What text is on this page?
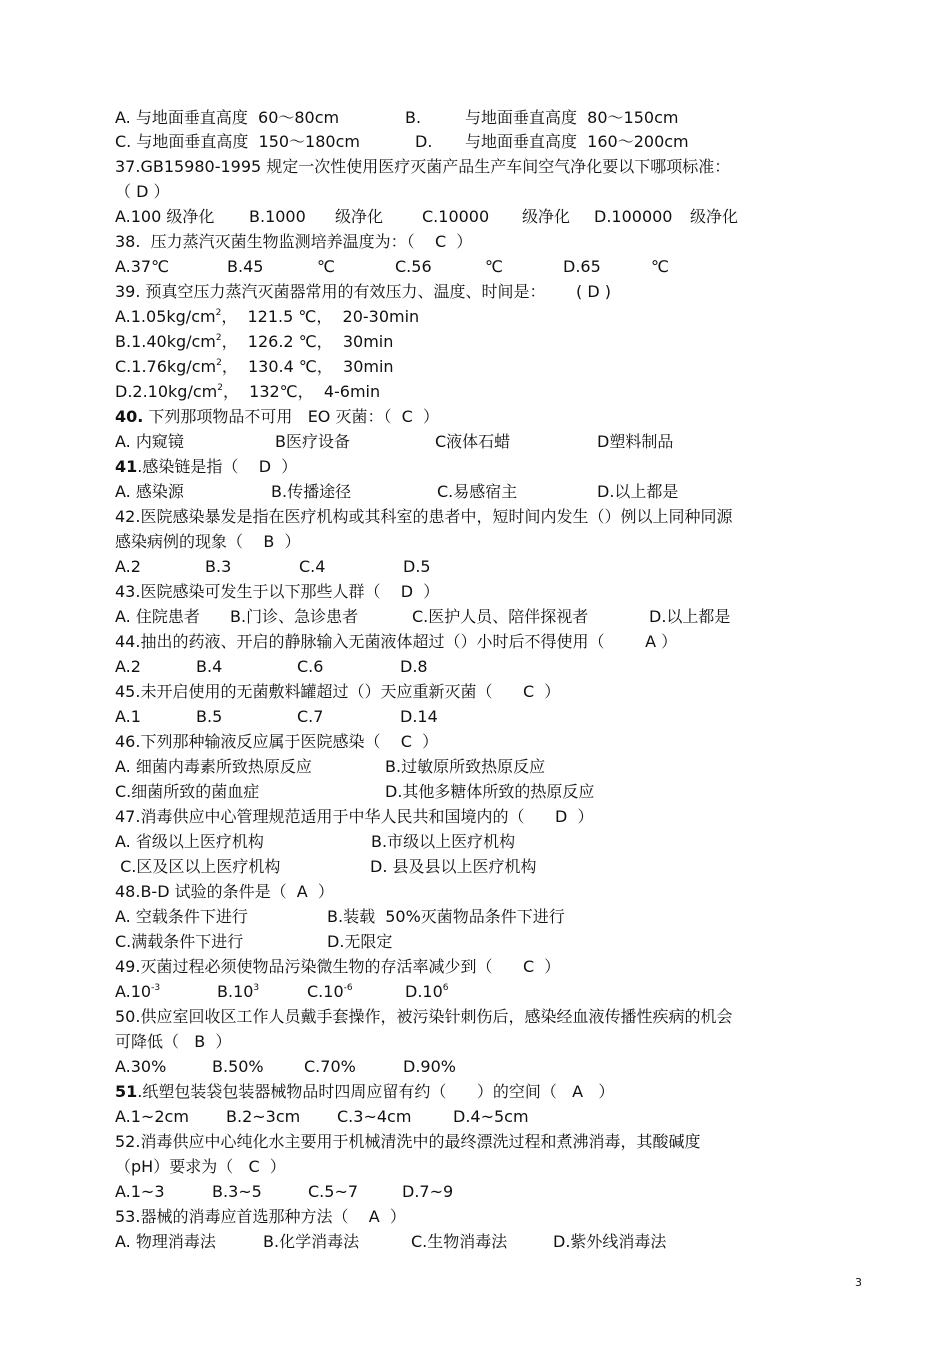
A. 与地面垂直高度  60～80cm	B.	与地面垂直高度  80～150cm
C. 与地面垂直高度  150～180cm	D. 与地面垂直高度  160～200cm
37.GB15980-1995 规定一次性使用医疗灭菌产品生产车间空气净化要以下哪项标准：
（ D ）
A.100 级净化 B.1000 级净化 C.10000 级净化 D.100000 级净化
38.  压力蒸汽灭菌生物监测培养温度为：（    C  ）
A.37℃	B.45	℃	C.56	℃	D.65	℃
39. 预真空压力蒸汽灭菌器常用的有效压力、温度、时间是：      ( D )
$A.1.05kg/cm^2$，  121.5 ℃，  20-30min
$B.1.40kg/cm^2$，  126.2 ℃，  30min
$C.1.76kg/cm^2$，  130.4 ℃，  30min
$D.2.10kg/cm^2$，  132℃，  4-6min
40. 下列那项物品不可用   EO 灭菌：（  C  ）
A. 内窥镜	B医疗设备	C液体石蜡	D塑料制品
41.感染链是指（    D  ）
A. 感染源	B.传播途径	C.易感宿主	D.以上都是
42.医院感染暴发是指在医疗机构或其科室的患者中，短时间内发生（）例以上同种同源
感染病例的现象（    B  ）
A.2	B.3	C.4	D.5
43.医院感染可发生于以下那些人群（    D  ）
A. 住院患者 B.门诊、急诊患者	C.医护人员、陪伴探视者	D.以上都是
44.抽出的药液、开启的静脉输入无菌液体超过（）小时后不得使用（        A ）
A.2	B.4	C.6	D.8
45.未开启使用的无菌敷料罐超过（）天应重新灭菌（      C  ）
A.1	B.5	C.7	D.14
46.下列那种输液反应属于医院感染（    C  ）
A. 细菌内毒素所致热原反应	B.过敏原所致热原反应
C.细菌所致的菌血症	D.其他多糖体所致的热原反应
47.消毒供应中心管理规范适用于中华人民共和国境内的（      D  ）
A. 省级以上医疗机构	B.市级以上医疗机构
C.区及区以上医疗机构	D. 县及县以上医疗机构
48.B-D 试验的条件是（  A  ）
A. 空载条件下进行	B.装载  50%灭菌物品条件下进行
C.满载条件下进行	D.无限定
49.灭菌过程必须使物品污染微生物的存活率减少到（      C  ）
$A.10^{-3}$	$B.10^3$	$C.10^{-6}$	$D.10^6$
50.供应室回收区工作人员戴手套操作，被污染针刺伤后，感染经血液传播性疾病的机会
可降低（   B  ）
A.30%	B.50%	C.70%	D.90%
51.纸塑包装袋包装器械物品时四周应留有约（      ）的空间（   A   ）
A.1~2cm B.2~3cm C.3~4cm	D.4~5cm
52.消毒供应中心纯化水主要用于机械清洗中的最终漂洗过程和煮沸消毒，其酸碱度
（pH）要求为（   C  ）
A.1~3	B.3~5	C.5~7	D.7~9
53.器械的消毒应首选那种方法（    A  ）
A. 物理消毒法	B.化学消毒法	C.生物消毒法	D.紫外线消毒法
3
